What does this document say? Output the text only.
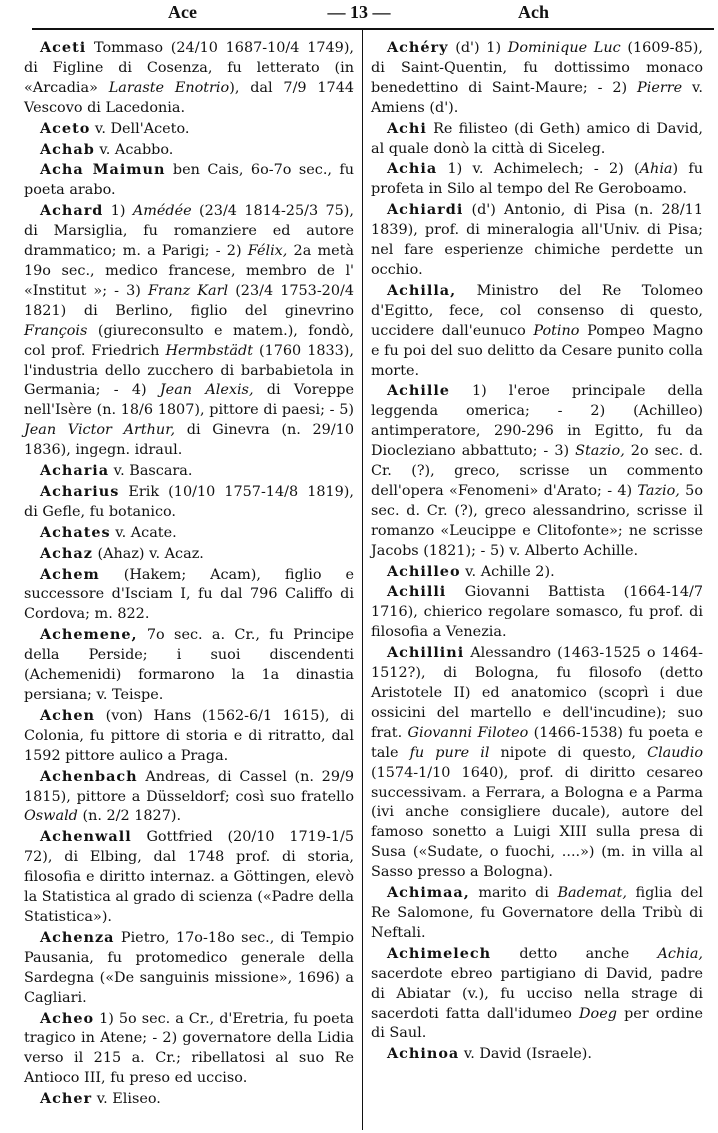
Ace	— 13 —	Ach

Aceti Tommaso (24/10 1687-10/4 1749), di Figline di Cosenza, fu letterato (in «Arcadia» Laraste Enotrio), dal 7/9 1744 Vescovo di Lacedonia.

Aceto v. Dell'Aceto.

Achab v. Acabbo.

Acha Maimun ben Cais, 6o-7o sec., fu poeta arabo.

Achard 1) Amédée (23/4 1814-25/3 75), di Marsiglia, fu romanziere ed autore drammatico; m. a Parigi; - 2) Félix, 2a metà 19o sec., medico francese, membro de l' «Institut »; - 3) Franz Karl (23/4 1753-20/4 1821) di Berlino, figlio del ginevrino François (giureconsulto e matem.), fondò, col prof. Friedrich Hermbstädt (1760 1833), l'industria dello zucchero di barbabietola in Germania; - 4) Jean Alexis, di Voreppe nell'Isère (n. 18/6 1807), pittore di paesi; - 5) Jean Victor Arthur, di Ginevra (n. 29/10 1836), ingegn. idraul.

Acharia v. Bascara.

Acharius Erik (10/10 1757-14/8 1819), di Gefle, fu botanico.

Achates v. Acate.

Achaz (Ahaz) v. Acaz.

Achem (Hakem; Acam), figlio e successore d'Isciam I, fu dal 796 Califfo di Cordova; m. 822.

Achemene, 7o sec. a. Cr., fu Principe della Perside; i suoi discendenti (Achemenidi) formarono la 1a dinastia persiana; v. Teispe.

Achen (von) Hans (1562-6/1 1615), di Colonia, fu pittore di storia e di ritratto, dal 1592 pittore aulico a Praga.

Achenbach Andreas, di Cassel (n. 29/9 1815), pittore a Düsseldorf; così suo fratello Oswald (n. 2/2 1827).

Achenwall Gottfried (20/10 1719-1/5 72), di Elbing, dal 1748 prof. di storia, filosofia e diritto internaz. a Göttingen, elevò la Statistica al grado di scienza («Padre della Statistica»).

Achenza Pietro, 17o-18o sec., di Tempio Pausania, fu protomedico generale della Sardegna («De sanguinis missione», 1696) a Cagliari.

Acheo 1) 5o sec. a Cr., d'Eretria, fu poeta tragico in Atene; - 2) governatore della Lidia verso il 215 a. Cr.; ribellatosi al suo Re Antioco III, fu preso ed ucciso.

Acher v. Eliseo.

Achéry (d') 1) Dominique Luc (1609-85), di Saint-Quentin, fu dottissimo monaco benedettino di Saint-Maure; - 2) Pierre v. Amiens (d').

Achi Re filisteo (di Geth) amico di David, al quale donò la città di Siceleg.

Achia 1) v. Achimelech; - 2) (Ahia) fu profeta in Silo al tempo del Re Geroboamo.

Achiardi (d') Antonio, di Pisa (n. 28/11 1839), prof. di mineralogia all'Univ. di Pisa; nel fare esperienze chimiche perdette un occhio.

Achilla, Ministro del Re Tolomeo d'Egitto, fece, col consenso di questo, uccidere dall'eunuco Potino Pompeo Magno e fu poi del suo delitto da Cesare punito colla morte.

Achille 1) l'eroe principale della leggenda omerica; - 2) (Achilleo) antimperatore, 290-296 in Egitto, fu da Diocleziano abbattuto; - 3) Stazio, 2o sec. d. Cr. (?), greco, scrisse un commento dell'opera «Fenomeni» d'Arato; - 4) Tazio, 5o sec. d. Cr. (?), greco alessandrino, scrisse il romanzo «Leucippe e Clitofonte»; ne scrisse Jacobs (1821); - 5) v. Alberto Achille.

Achilleo v. Achille 2).

Achilli Giovanni Battista (1664-14/7 1716), chierico regolare somasco, fu prof. di filosofia a Venezia.

Achillini Alessandro (1463-1525 o 1464-1512?), di Bologna, fu filosofo (detto Aristotele II) ed anatomico (scoprì i due ossicini del martello e dell'incudine); suo frat. Giovanni Filoteo (1466-1538) fu poeta e tale fu pure il nipote di questo, Claudio (1574-1/10 1640), prof. di diritto cesareo successivam. a Ferrara, a Bologna e a Parma (ivi anche consigliere ducale), autore del famoso sonetto a Luigi XIII sulla presa di Susa («Sudate, o fuochi, ....») (m. in villa al Sasso presso a Bologna).

Achimaa, marito di Bademat, figlia del Re Salomone, fu Governatore della Tribù di Neftali.

Achimelech detto anche Achia, sacerdote ebreo partigiano di David, padre di Abiatar (v.), fu ucciso nella strage di sacerdoti fatta dall'idumeo Doeg per ordine di Saul.

Achinoa v. David (Israele).
